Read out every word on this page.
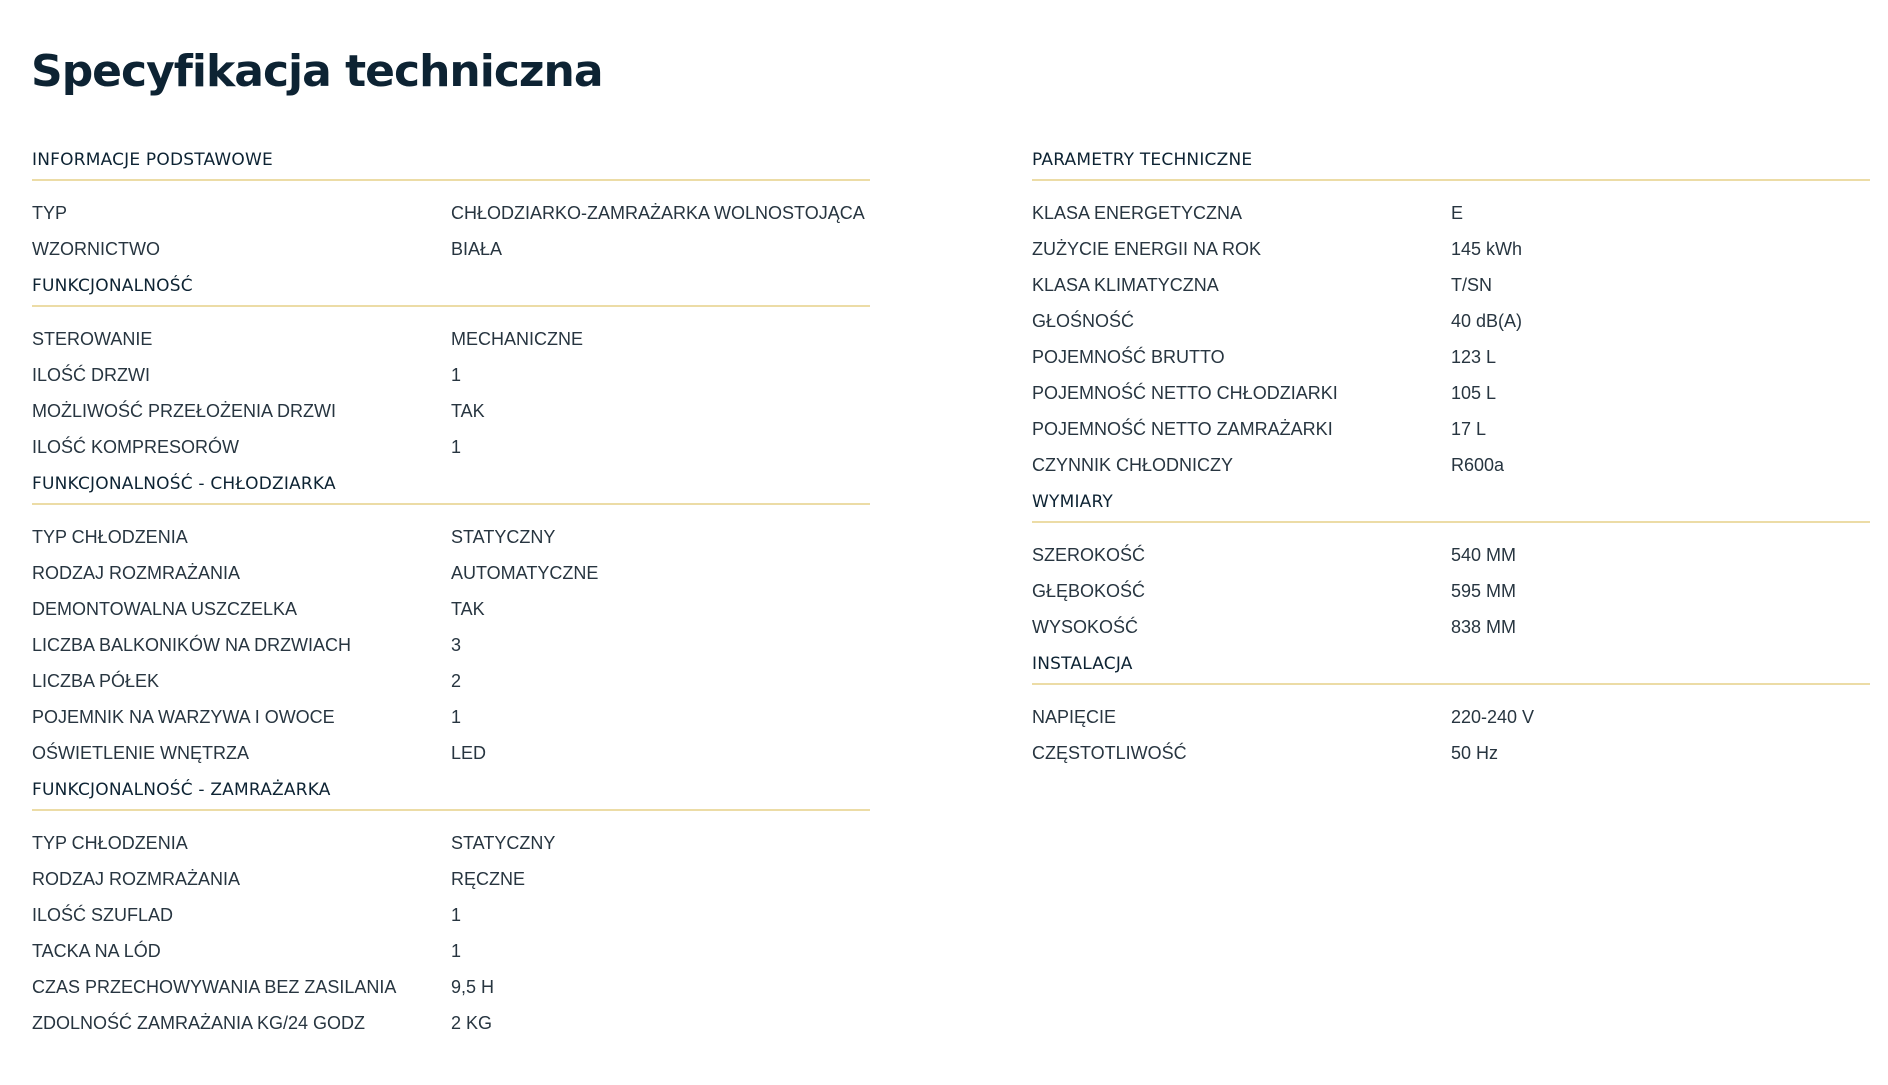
Specyfikacja techniczna
INFORMACJE PODSTAWOWE
TYP	CHŁODZIARKO-ZAMRAŻARKA WOLNOSTOJĄCA
WZORNICTWO	BIAŁA
FUNKCJONALNOŚĆ
STEROWANIE	MECHANICZNE
ILOŚĆ DRZWI	1
MOŻLIWOŚĆ PRZEŁOŻENIA DRZWI	TAK
ILOŚĆ KOMPRESORÓW	1
FUNKCJONALNOŚĆ - CHŁODZIARKA
TYP CHŁODZENIA	STATYCZNY
RODZAJ ROZMRAŻANIA	AUTOMATYCZNE
DEMONTOWALNA USZCZELKA	TAK
LICZBA BALKONIKÓW NA DRZWIACH	3
LICZBA PÓŁEK	2
POJEMNIK NA WARZYWA I OWOCE	1
OŚWIETLENIE WNĘTRZA	LED
FUNKCJONALNOŚĆ - ZAMRAŻARKA
TYP CHŁODZENIA	STATYCZNY
RODZAJ ROZMRAŻANIA	RĘCZNE
ILOŚĆ SZUFLAD	1
TACKA NA LÓD	1
CZAS PRZECHOWYWANIA BEZ ZASILANIA	9,5 H
ZDOLNOŚĆ ZAMRAŻANIA KG/24 GODZ	2 KG
PARAMETRY TECHNICZNE
KLASA ENERGETYCZNA	E
ZUŻYCIE ENERGII NA ROK	145 kWh
KLASA KLIMATYCZNA	T/SN
GŁOŚNOŚĆ	40 dB(A)
POJEMNOŚĆ BRUTTO	123 L
POJEMNOŚĆ NETTO CHŁODZIARKI	105 L
POJEMNOŚĆ NETTO ZAMRAŻARKI	17 L
CZYNNIK CHŁODNICZY	R600a
WYMIARY
SZEROKOŚĆ	540 MM
GŁĘBOKOŚĆ	595 MM
WYSOKOŚĆ	838 MM
INSTALACJA
NAPIĘCIE	220-240 V
CZĘSTOTLIWOŚĆ	50 Hz
